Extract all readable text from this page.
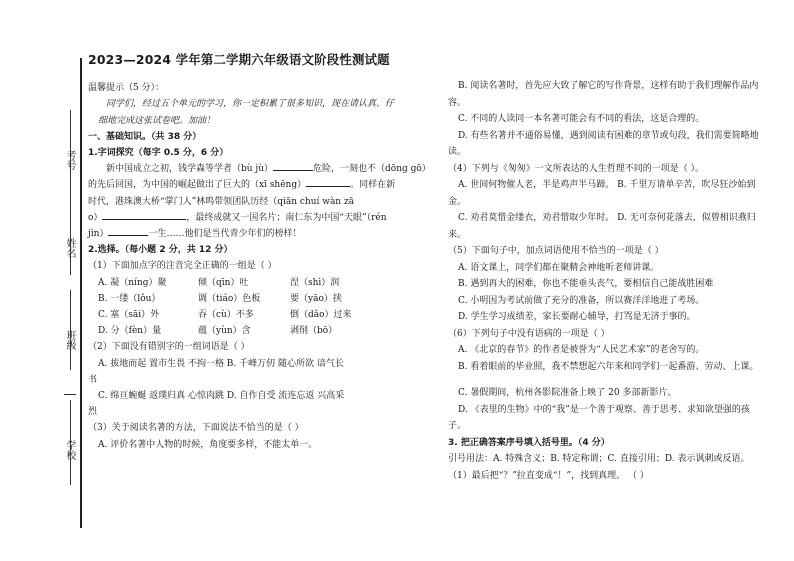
考号
姓名
班级
学校
2023—2024 学年第二学期六年级语文阶段性测试题
温馨提示（5 分）：
同学们，经过五个单元的学习，你一定积累了很多知识，现在请认真、仔
细地完成这张试卷吧。加油！
一、基础知识。（共 38 分）
1.字词探究（每字 0.5 分，6 分）
新中国成立之初，钱学森等学者（bù jù）	危险，一刻也不（dōng gō）
的先后回国，为中国的崛起做出了巨大的（xī shēng）	。同样在新
时代，港珠澳大桥“掌门人”林鸣带领团队历经（qiān chuí wàn zā
o）	，最终成就又一国名片；南仁东为中国“天眼”（rén
jìn）	一生……他们是当代青少年们的榜样！
2.选择。（每小题 2 分，共 12 分）
（1）下面加点字的注音完全正确的一组是（ ）
A. 凝（níng）聚	倾（qīn）吐	涅（shì）润
B. 一缕（lǒu）	调（tiáo）色板	要（yāo）挟
C. 塞（sāi）外	吞（cù）不多	倒（dǎo）过来
D. 分（fèn）量	蕴（yùn）含	剥削（bō）
（2）下面没有错别字的一组词语是（ ）
A. 拔地而起 置市生畏 不拘一格 B. 千峰万仞 随心所欲 谙气长
书
C. 绵亘蜿蜒 返璞归真 心惊肉跳 D. 自作自受 流连忘返 兴高采
烈
（3）关于阅读名著的方法，下面说法不恰当的是（ ）
A. 评价名著中人物的时候，角度要多样，不能太单一。
B. 阅读名著时，首先应大致了解它的写作背景，这样有助于我们理解作品内
容。
C. 不同的人读同一本名著可能会有不同的看法，这是合理的。
D. 有些名著并不通俗易懂，遇到阅读有困难的章节或句段，我们需要简略地
读。
（4）下列与《匆匆》一文所表达的人生哲理不同的一项是（ ）。
A. 世间何物催人老，半是鸡声半马蹄。 B. 千里万请单辛苦，吹尽狂沙始到
金。
C. 劝君莫惜金缕衣，劝君惜取少年时。 D. 无可奈何花落去，似曾相识燕归
来。
（5）下面句子中，加点词语使用不恰当的一项是（ ）
A. 语文课上，同学们都在聚精会神地听老师讲课。
B. 遇到再大的困难，你也不能垂头丧气，要相信自己能战胜困难
C. 小明因为考试前做了充分的准备，所以赛洋洋地进了考场。
D. 学生学习成绩差，家长要耐心辅导，打骂是无济于事的。
（6）下列句子中没有语病的一项是（ ）
A. 《北京的春节》的作者是被誉为“人民艺术家”的老舍写的。
B. 看着眼前的毕业照，我不禁想起六年来和同学们一起番游、劳动、上课。
C. 暑假期间，杭州各影院准备上映了 20 多部新影片。
D. 《表里的生物》中的“我”是一个善于观察、善于思考、求知欲望强的孩
子。
3. 把正确答案序号填入括号里。（4 分）
引号用法：A. 特殊含义；B. 特定称谓；C. 直接引用；D. 表示讽刺或反语。
（1）最后把“？”拉直变成“！”，找到真理。 （ ）
